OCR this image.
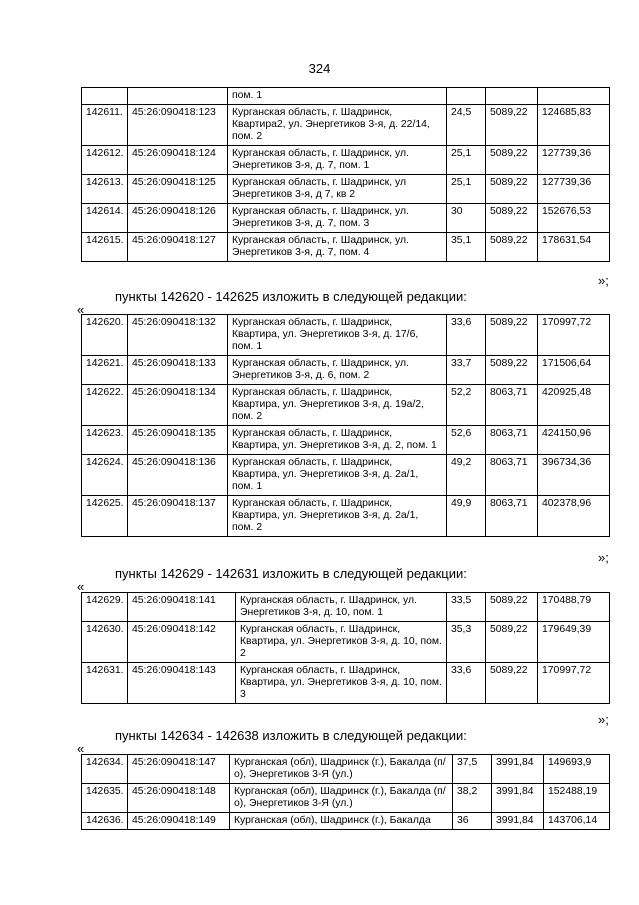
324
		пом. 1			
142611.	45:26:090418:123	Курганская область, г. Шадринск, Квартира2, ул. Энергетиков 3-я, д. 22/14, пом. 2	24,5	5089,22	124685,83
142612.	45:26:090418:124	Курганская область, г. Шадринск, ул. Энергетиков 3-я, д. 7, пом. 1	25,1	5089,22	127739,36
142613.	45:26:090418:125	Курганская область, г. Шадринск, ул Энергетиков 3-я, д 7, кв 2	25,1	5089,22	127739,36
142614.	45:26:090418:126	Курганская область, г. Шадринск, ул. Энергетиков 3-я, д. 7, пом. 3	30	5089,22	152676,53
142615.	45:26:090418:127	Курганская область, г. Шадринск, ул. Энергетиков 3-я, д. 7, пом. 4	35,1	5089,22	178631,54
»;
пункты 142620 - 142625 изложить в следующей редакции:
«
142620.	45:26:090418:132	Курганская область, г. Шадринск, Квартира, ул. Энергетиков 3-я, д. 17/6, пом. 1	33,6	5089,22	170997,72
142621.	45:26:090418:133	Курганская область, г. Шадринск, ул. Энергетиков 3-я, д. 6, пом. 2	33,7	5089,22	171506,64
142622.	45:26:090418:134	Курганская область, г. Шадринск, Квартира, ул. Энергетиков 3-я, д. 19а/2, пом. 2	52,2	8063,71	420925,48
142623.	45:26:090418:135	Курганская область, г. Шадринск, Квартира, ул. Энергетиков 3-я, д. 2, пом. 1	52,6	8063,71	424150,96
142624.	45:26:090418:136	Курганская область, г. Шадринск, Квартира, ул. Энергетиков 3-я, д. 2а/1, пом. 1	49,2	8063,71	396734,36
142625.	45:26:090418:137	Курганская область, г. Шадринск, Квартира, ул. Энергетиков 3-я, д. 2а/1, пом. 2	49,9	8063,71	402378,96
»;
пункты 142629 - 142631 изложить в следующей редакции:
«
142629.	45:26:090418:141	Курганская область, г. Шадринск, ул. Энергетиков 3-я, д. 10, пом. 1	33,5	5089,22	170488,79
142630.	45:26:090418:142	Курганская область, г. Шадринск, Квартира, ул. Энергетиков 3-я, д. 10, пом. 2	35,3	5089,22	179649,39
142631.	45:26:090418:143	Курганская область, г. Шадринск, Квартира, ул. Энергетиков 3-я, д. 10, пом. 3	33,6	5089,22	170997,72
»;
пункты 142634 - 142638 изложить в следующей редакции:
«
142634.	45:26:090418:147	Курганская (обл), Шадринск (г.), Бакалда (п/о), Энергетиков 3-Я (ул.)	37,5	3991,84	149693,9
142635.	45:26:090418:148	Курганская (обл), Шадринск (г.), Бакалда (п/о), Энергетиков 3-Я (ул.)	38,2	3991,84	152488,19
142636.	45:26:090418:149	Курганская (обл), Шадринск (г.), Бакалда	36	3991,84	143706,14
